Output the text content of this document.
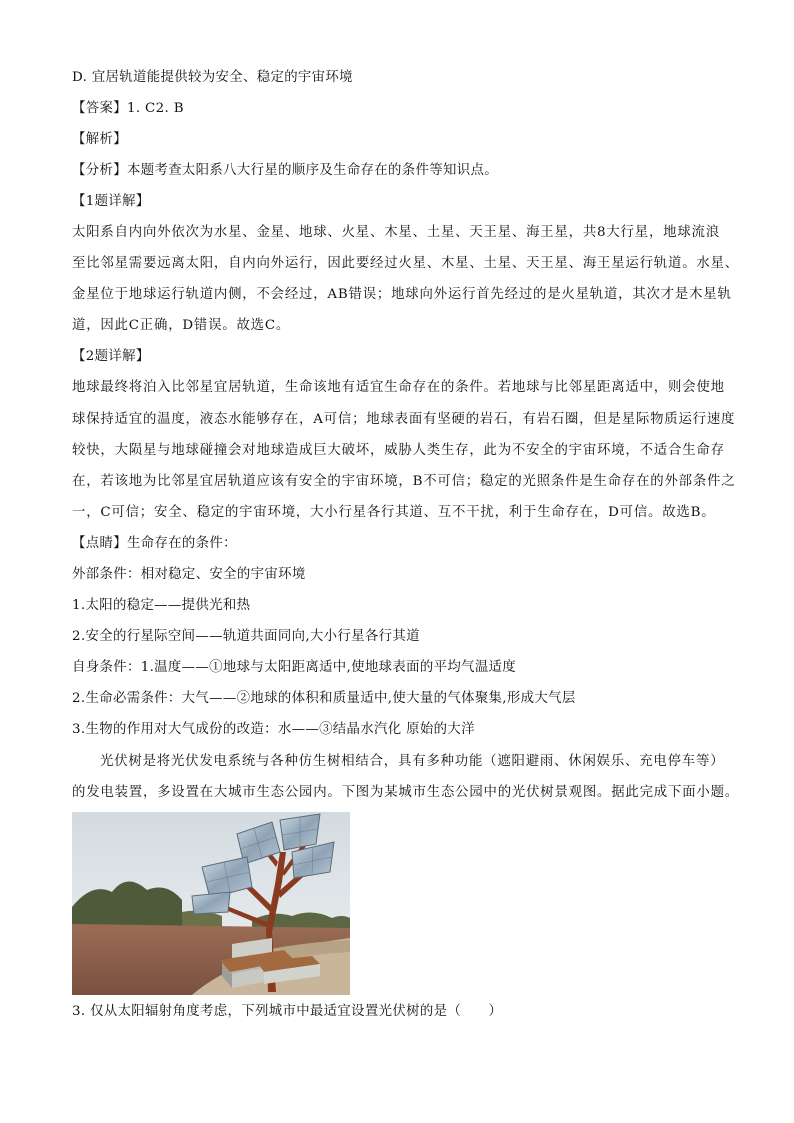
D. 宜居轨道能提供较为安全、稳定的宇宙环境
【答案】1. C2. B
【解析】
【分析】本题考查太阳系八大行星的顺序及生命存在的条件等知识点。
【1题详解】
太阳系自内向外依次为水星、金星、地球、火星、木星、土星、天王星、海王星，共8大行星，地球流浪
至比邻星需要远离太阳，自内向外运行，因此要经过火星、木星、土星、天王星、海王星运行轨道。水星、
金星位于地球运行轨道内侧，不会经过，AB错误；地球向外运行首先经过的是火星轨道，其次才是木星轨
道，因此C正确，D错误。故选C。
【2题详解】
地球最终将泊入比邻星宜居轨道，生命该地有适宜生命存在的条件。若地球与比邻星距离适中，则会使地
球保持适宜的温度，液态水能够存在，A可信；地球表面有坚硬的岩石，有岩石圈，但是星际物质运行速度
较快，大陨星与地球碰撞会对地球造成巨大破坏，威胁人类生存，此为不安全的宇宙环境，不适合生命存
在，若该地为比邻星宜居轨道应该有安全的宇宙环境，B不可信；稳定的光照条件是生命存在的外部条件之
一，C可信；安全、稳定的宇宙环境，大小行星各行其道、互不干扰，利于生命存在，D可信。故选B。
【点睛】生命存在的条件：
外部条件：相对稳定、安全的宇宙环境
1.太阳的稳定——提供光和热
2.安全的行星际空间——轨道共面同向,大小行星各行其道
自身条件：1.温度——①地球与太阳距离适中,使地球表面的平均气温适度
2.生命必需条件：大气——②地球的体积和质量适中,使大量的气体聚集,形成大气层
3.生物的作用对大气成份的改造：水——③结晶水汽化 原始的大洋
光伏树是将光伏发电系统与各种仿生树相结合，具有多种功能（遮阳避雨、休闲娱乐、充电停车等）
的发电装置，多设置在大城市生态公园内。下图为某城市生态公园中的光伏树景观图。据此完成下面小题。
3. 仅从太阳辐射角度考虑，下列城市中最适宜设置光伏树的是（　　）
